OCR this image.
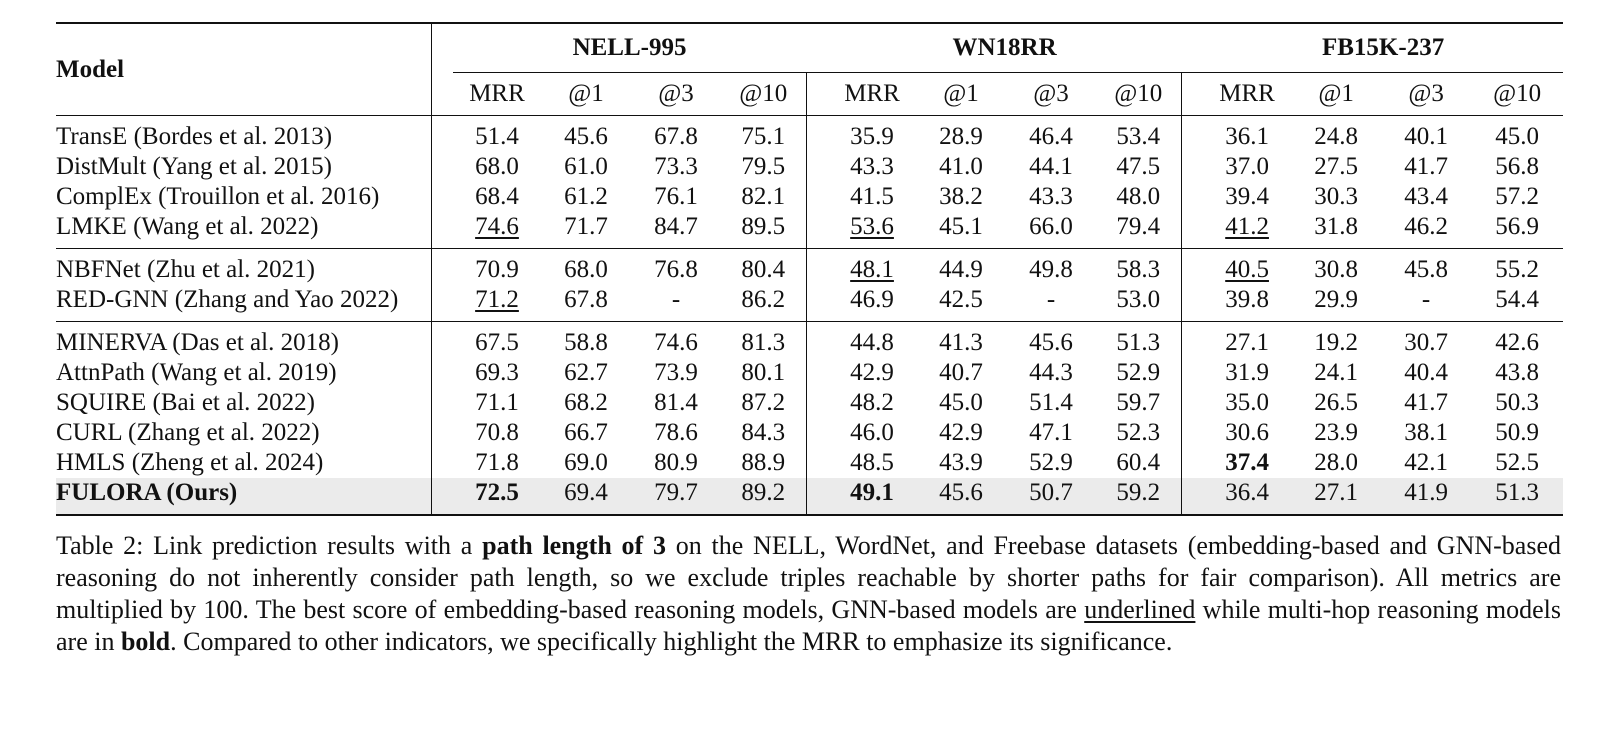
Model		NELL-995					WN18RR					FB15K-237			
		MRR	@1	@3	@10		MRR	@1	@3	@10		MRR	@1	@3	@10
TransE (Bordes et al. 2013)		51.4	45.6	67.8	75.1		35.9	28.9	46.4	53.4		36.1	24.8	40.1	45.0
DistMult (Yang et al. 2015)		68.0	61.0	73.3	79.5		43.3	41.0	44.1	47.5		37.0	27.5	41.7	56.8
ComplEx (Trouillon et al. 2016)		68.4	61.2	76.1	82.1		41.5	38.2	43.3	48.0		39.4	30.3	43.4	57.2
LMKE (Wang et al. 2022)		74.6	71.7	84.7	89.5		53.6	45.1	66.0	79.4		41.2	31.8	46.2	56.9
NBFNet (Zhu et al. 2021)		70.9	68.0	76.8	80.4		48.1	44.9	49.8	58.3		40.5	30.8	45.8	55.2
RED-GNN (Zhang and Yao 2022)		71.2	67.8	-	86.2		46.9	42.5	-	53.0		39.8	29.9	-	54.4
MINERVA (Das et al. 2018)		67.5	58.8	74.6	81.3		44.8	41.3	45.6	51.3		27.1	19.2	30.7	42.6
AttnPath (Wang et al. 2019)		69.3	62.7	73.9	80.1		42.9	40.7	44.3	52.9		31.9	24.1	40.4	43.8
SQUIRE (Bai et al. 2022)		71.1	68.2	81.4	87.2		48.2	45.0	51.4	59.7		35.0	26.5	41.7	50.3
CURL (Zhang et al. 2022)		70.8	66.7	78.6	84.3		46.0	42.9	47.1	52.3		30.6	23.9	38.1	50.9
HMLS (Zheng et al. 2024)		71.8	69.0	80.9	88.9		48.5	43.9	52.9	60.4		37.4	28.0	42.1	52.5
FULORA (Ours)		72.5	69.4	79.7	89.2		49.1	45.6	50.7	59.2		36.4	27.1	41.9	51.3
Table 2: Link prediction results with a path length of 3 on the NELL, WordNet, and Freebase datasets (embedding-based and GNN-based reasoning do not inherently consider path length, so we exclude triples reachable by shorter paths for fair comparison). All metrics are multiplied by 100. The best score of embedding-based reasoning models, GNN-based models are underlined while multi-hop reasoning models are in bold. Compared to other indicators, we specifically highlight the MRR to emphasize its significance.
